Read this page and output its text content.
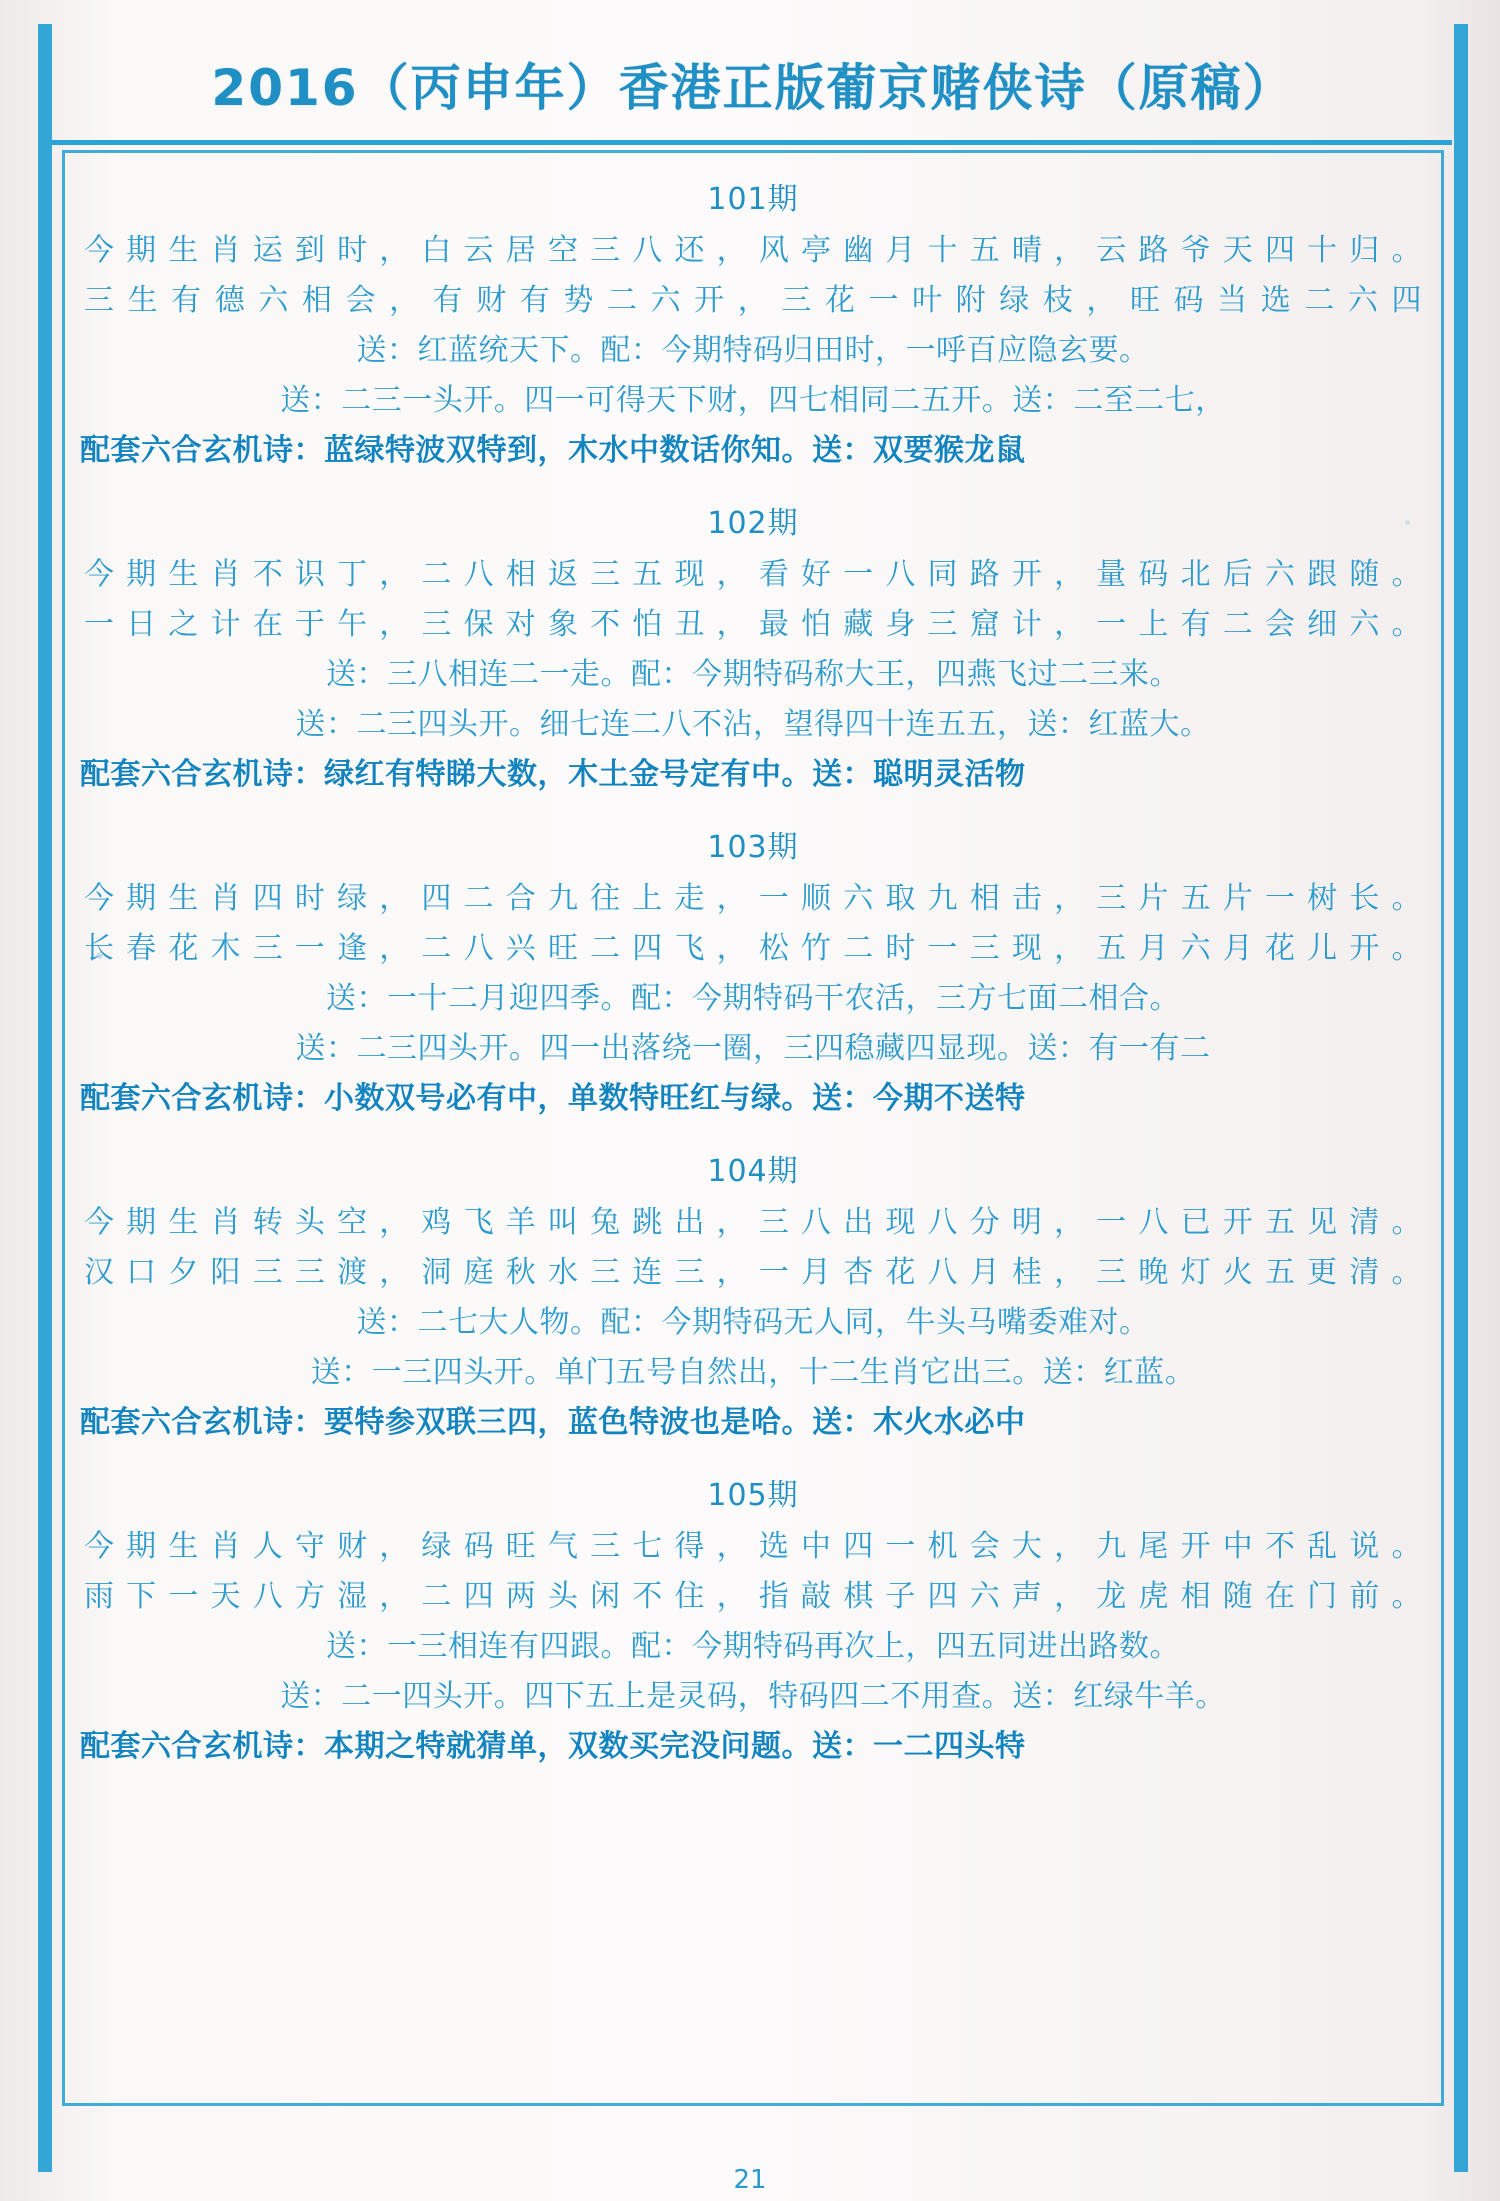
2016（丙申年）香港正版葡京赌侠诗（原稿）
101期
今期生肖运到时，白云居空三八还，风亭幽月十五晴，云路爷天四十归。
三生有德六相会，有财有势二六开，三花一叶附绿枝，旺码当选二六四
送：红蓝统天下。配：今期特码归田时，一呼百应隐玄要。
送：二三一头开。四一可得天下财，四七相同二五开。送：二至二七，
配套六合玄机诗：蓝绿特波双特到，木水中数话你知。送：双要猴龙鼠
102期
今期生肖不识丁，二八相返三五现，看好一八同路开，量码北后六跟随。
一日之计在于午，三保对象不怕丑，最怕藏身三窟计，一上有二会细六。
送：三八相连二一走。配：今期特码称大王，四燕飞过二三来。
送：二三四头开。细七连二八不沾，望得四十连五五，送：红蓝大。
配套六合玄机诗：绿红有特睇大数，木土金号定有中。送：聪明灵活物
103期
今期生肖四时绿，四二合九往上走，一顺六取九相击，三片五片一树长。
长春花木三一逢，二八兴旺二四飞，松竹二时一三现，五月六月花儿开。
送：一十二月迎四季。配：今期特码干农活，三方七面二相合。
送：二三四头开。四一出落绕一圈，三四稳藏四显现。送：有一有二
配套六合玄机诗：小数双号必有中，单数特旺红与绿。送：今期不送特
104期
今期生肖转头空，鸡飞羊叫兔跳出，三八出现八分明，一八已开五见清。
汉口夕阳三三渡，洞庭秋水三连三，一月杏花八月桂，三晚灯火五更清。
送：二七大人物。配：今期特码无人同，牛头马嘴委难对。
送：一三四头开。单门五号自然出，十二生肖它出三。送：红蓝。
配套六合玄机诗：要特参双联三四，蓝色特波也是哈。送：木火水必中
105期
今期生肖人守财，绿码旺气三七得，选中四一机会大，九尾开中不乱说。
雨下一天八方湿，二四两头闲不住，指敲棋子四六声，龙虎相随在门前。
送：一三相连有四跟。配：今期特码再次上，四五同进出路数。
送：二一四头开。四下五上是灵码，特码四二不用查。送：红绿牛羊。
配套六合玄机诗：本期之特就猜单，双数买完没问题。送：一二四头特
21
